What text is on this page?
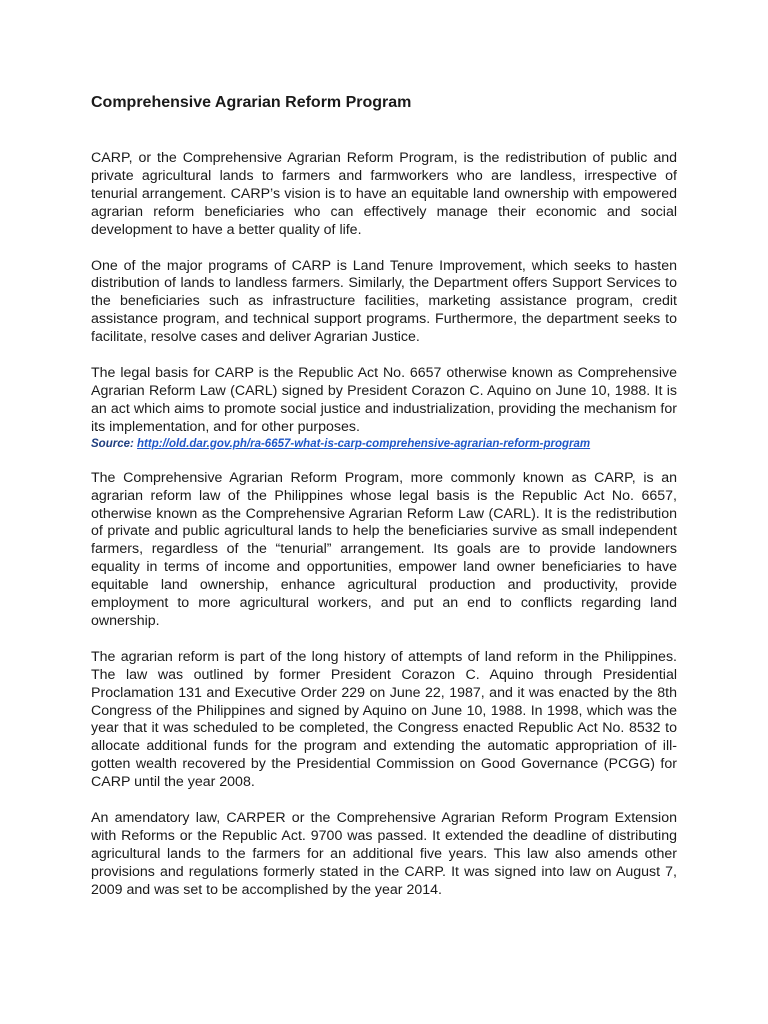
Comprehensive Agrarian Reform Program

CARP, or the Comprehensive Agrarian Reform Program, is the redistribution of public and private agricultural lands to farmers and farmworkers who are landless, irrespective of tenurial arrangement. CARP’s vision is to have an equitable land ownership with empowered agrarian reform beneficiaries who can effectively manage their economic and social development to have a better quality of life.

One of the major programs of CARP is Land Tenure Improvement, which seeks to hasten distribution of lands to landless farmers. Similarly, the Department offers Support Services to the beneficiaries such as infrastructure facilities, marketing assistance program, credit assistance program, and technical support programs. Furthermore, the department seeks to facilitate, resolve cases and deliver Agrarian Justice.

The legal basis for CARP is the Republic Act No. 6657 otherwise known as Comprehensive Agrarian Reform Law (CARL) signed by President Corazon C. Aquino on June 10, 1988. It is an act which aims to promote social justice and industrialization, providing the mechanism for its implementation, and for other purposes.

Source: http://old.dar.gov.ph/ra-6657-what-is-carp-comprehensive-agrarian-reform-program

The Comprehensive Agrarian Reform Program, more commonly known as CARP, is an agrarian reform law of the Philippines whose legal basis is the Republic Act No. 6657, otherwise known as the Comprehensive Agrarian Reform Law (CARL). It is the redistribution of private and public agricultural lands to help the beneficiaries survive as small independent farmers, regardless of the “tenurial” arrangement. Its goals are to provide landowners equality in terms of income and opportunities, empower land owner beneficiaries to have equitable land ownership, enhance agricultural production and productivity, provide employment to more agricultural workers, and put an end to conflicts regarding land ownership.

The agrarian reform is part of the long history of attempts of land reform in the Philippines. The law was outlined by former President Corazon C. Aquino through Presidential Proclamation 131 and Executive Order 229 on June 22, 1987, and it was enacted by the 8th Congress of the Philippines and signed by Aquino on June 10, 1988. In 1998, which was the year that it was scheduled to be completed, the Congress enacted Republic Act No. 8532 to allocate additional funds for the program and extending the automatic appropriation of ill-gotten wealth recovered by the Presidential Commission on Good Governance (PCGG) for CARP until the year 2008.

An amendatory law, CARPER or the Comprehensive Agrarian Reform Program Extension with Reforms or the Republic Act. 9700 was passed. It extended the deadline of distributing agricultural lands to the farmers for an additional five years. This law also amends other provisions and regulations formerly stated in the CARP. It was signed into law on August 7, 2009 and was set to be accomplished by the year 2014.
